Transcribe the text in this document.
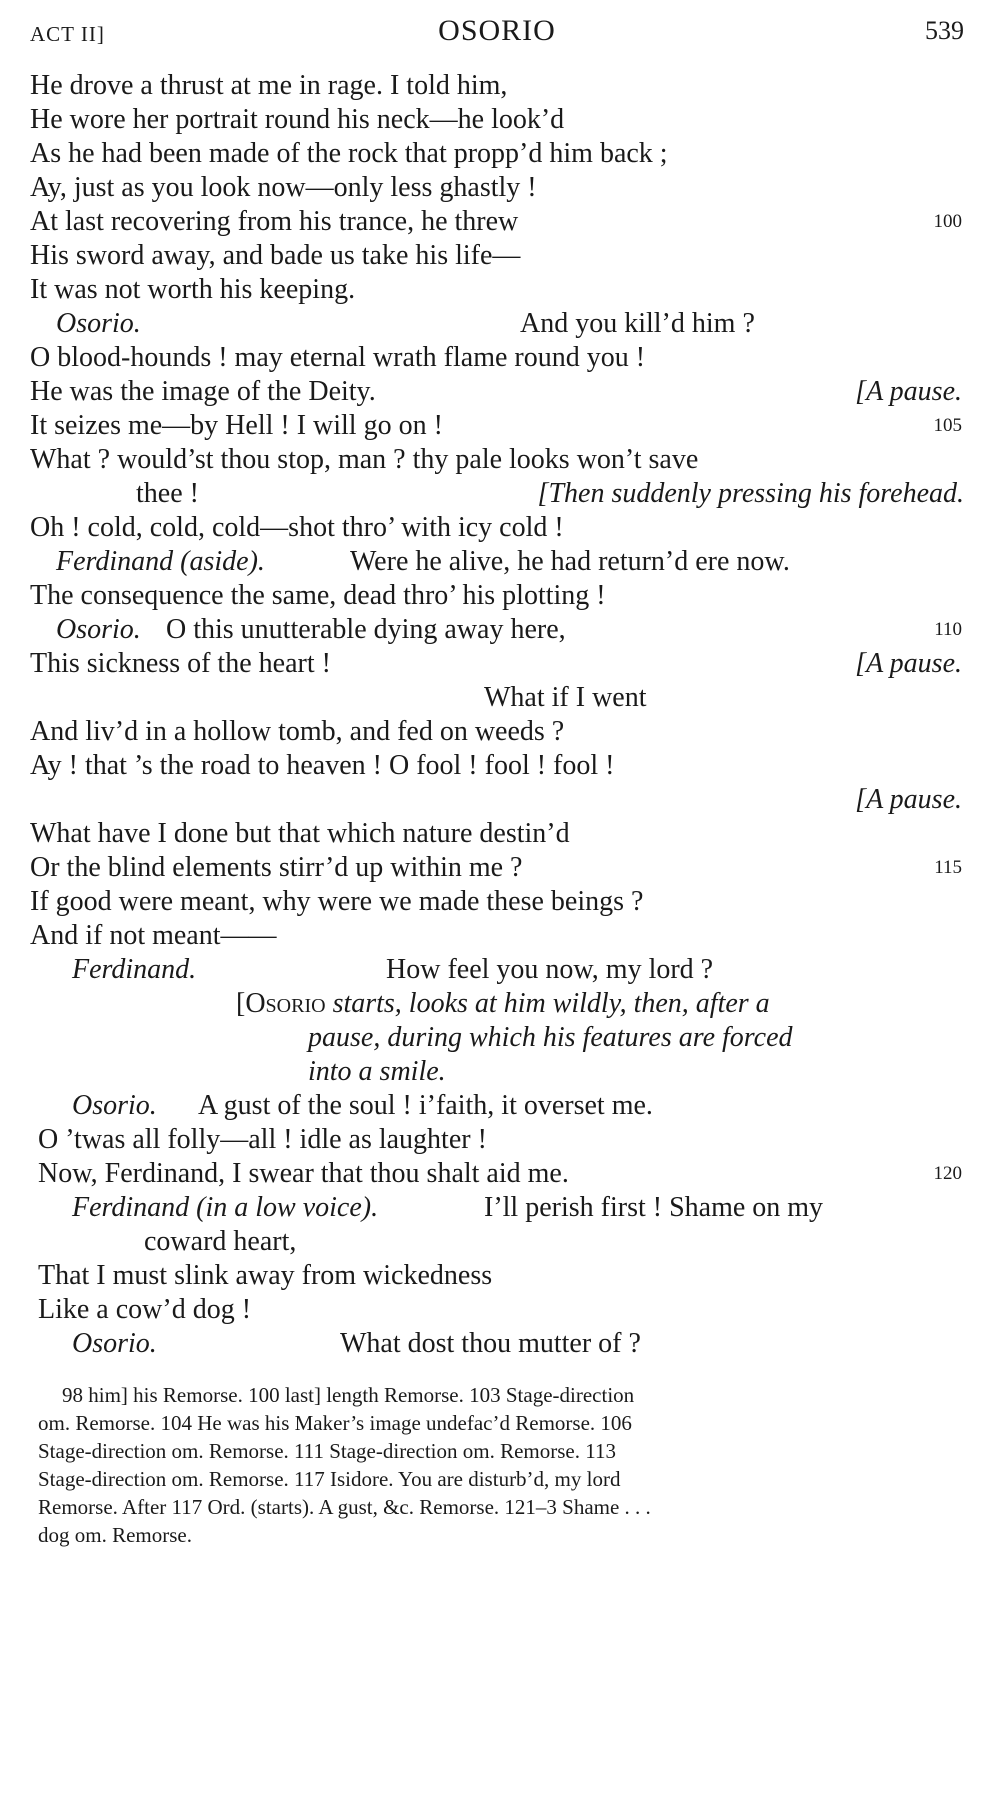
ACT II]	OSORIO	539
He drove a thrust at me in rage. I told him,
He wore her portrait round his neck—he look’d
As he had been made of the rock that propp’d him back ;
Ay, just as you look now—only less ghastly !
At last recovering from his trance, he threw	100
His sword away, and bade us take his life—
It was not worth his keeping.
Osorio.	And you kill’d him ?
O blood-hounds ! may eternal wrath flame round you !
He was the image of the Deity.	[A pause.
It seizes me—by Hell ! I will go on !	105
What ? would’st thou stop, man ? thy pale looks won’t save
thee !	[Then suddenly pressing his forehead.
Oh ! cold, cold, cold—shot thro’ with icy cold !
Ferdinand (aside).	Were he alive, he had return’d ere now.
The consequence the same, dead thro’ his plotting !
Osorio. O this unutterable dying away here,	110
This sickness of the heart !	[A pause.
What if I went
And liv’d in a hollow tomb, and fed on weeds ?
Ay ! that ’s the road to heaven ! O fool ! fool ! fool !
[A pause.
What have I done but that which nature destin’d
Or the blind elements stirr’d up within me ?	115
If good were meant, why were we made these beings ?
And if not meant——
Ferdinand.	How feel you now, my lord ?
[Osorio starts, looks at him wildly, then, after a
pause, during which his features are forced
into a smile.
Osorio. A gust of the soul ! i’faith, it overset me.
O ’twas all folly—all ! idle as laughter !
Now, Ferdinand, I swear that thou shalt aid me.	120
Ferdinand (in a low voice).	I’ll perish first ! Shame on my
coward heart,
That I must slink away from wickedness
Like a cow’d dog !
Osorio.	What dost thou mutter of ?
98 him] his Remorse. 100 last] length Remorse. 103 Stage-direction
om. Remorse. 104 He was his Maker’s image undefac’d Remorse. 106
Stage-direction om. Remorse. 111 Stage-direction om. Remorse. 113
Stage-direction om. Remorse. 117 Isidore. You are disturb’d, my lord
Remorse. After 117 Ord. (starts). A gust, &c. Remorse. 121–3 Shame . . .
dog om. Remorse.
